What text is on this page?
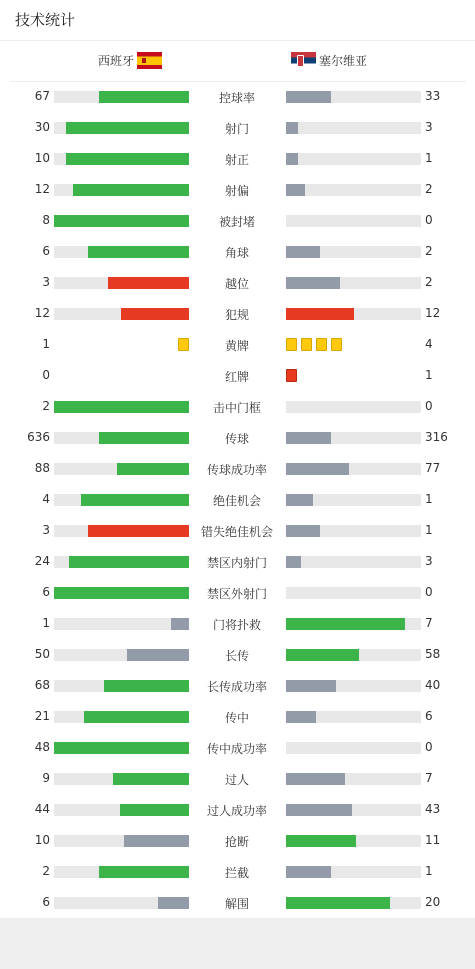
技术统计
西班牙	塞尔维亚
67	控球率	33
30	射门	3
10	射正	1
12	射偏	2
8	被封堵	0
6	角球	2
3	越位	2
12	犯规	12
1	黄牌	4
0	红牌	1
2	击中门框	0
636	传球	316
88	传球成功率	77
4	绝佳机会	1
3	错失绝佳机会	1
24	禁区内射门	3
6	禁区外射门	0
1	门将扑救	7
50	长传	58
68	长传成功率	40
21	传中	6
48	传中成功率	0
9	过人	7
44	过人成功率	43
10	抢断	11
2	拦截	1
6	解围	20
